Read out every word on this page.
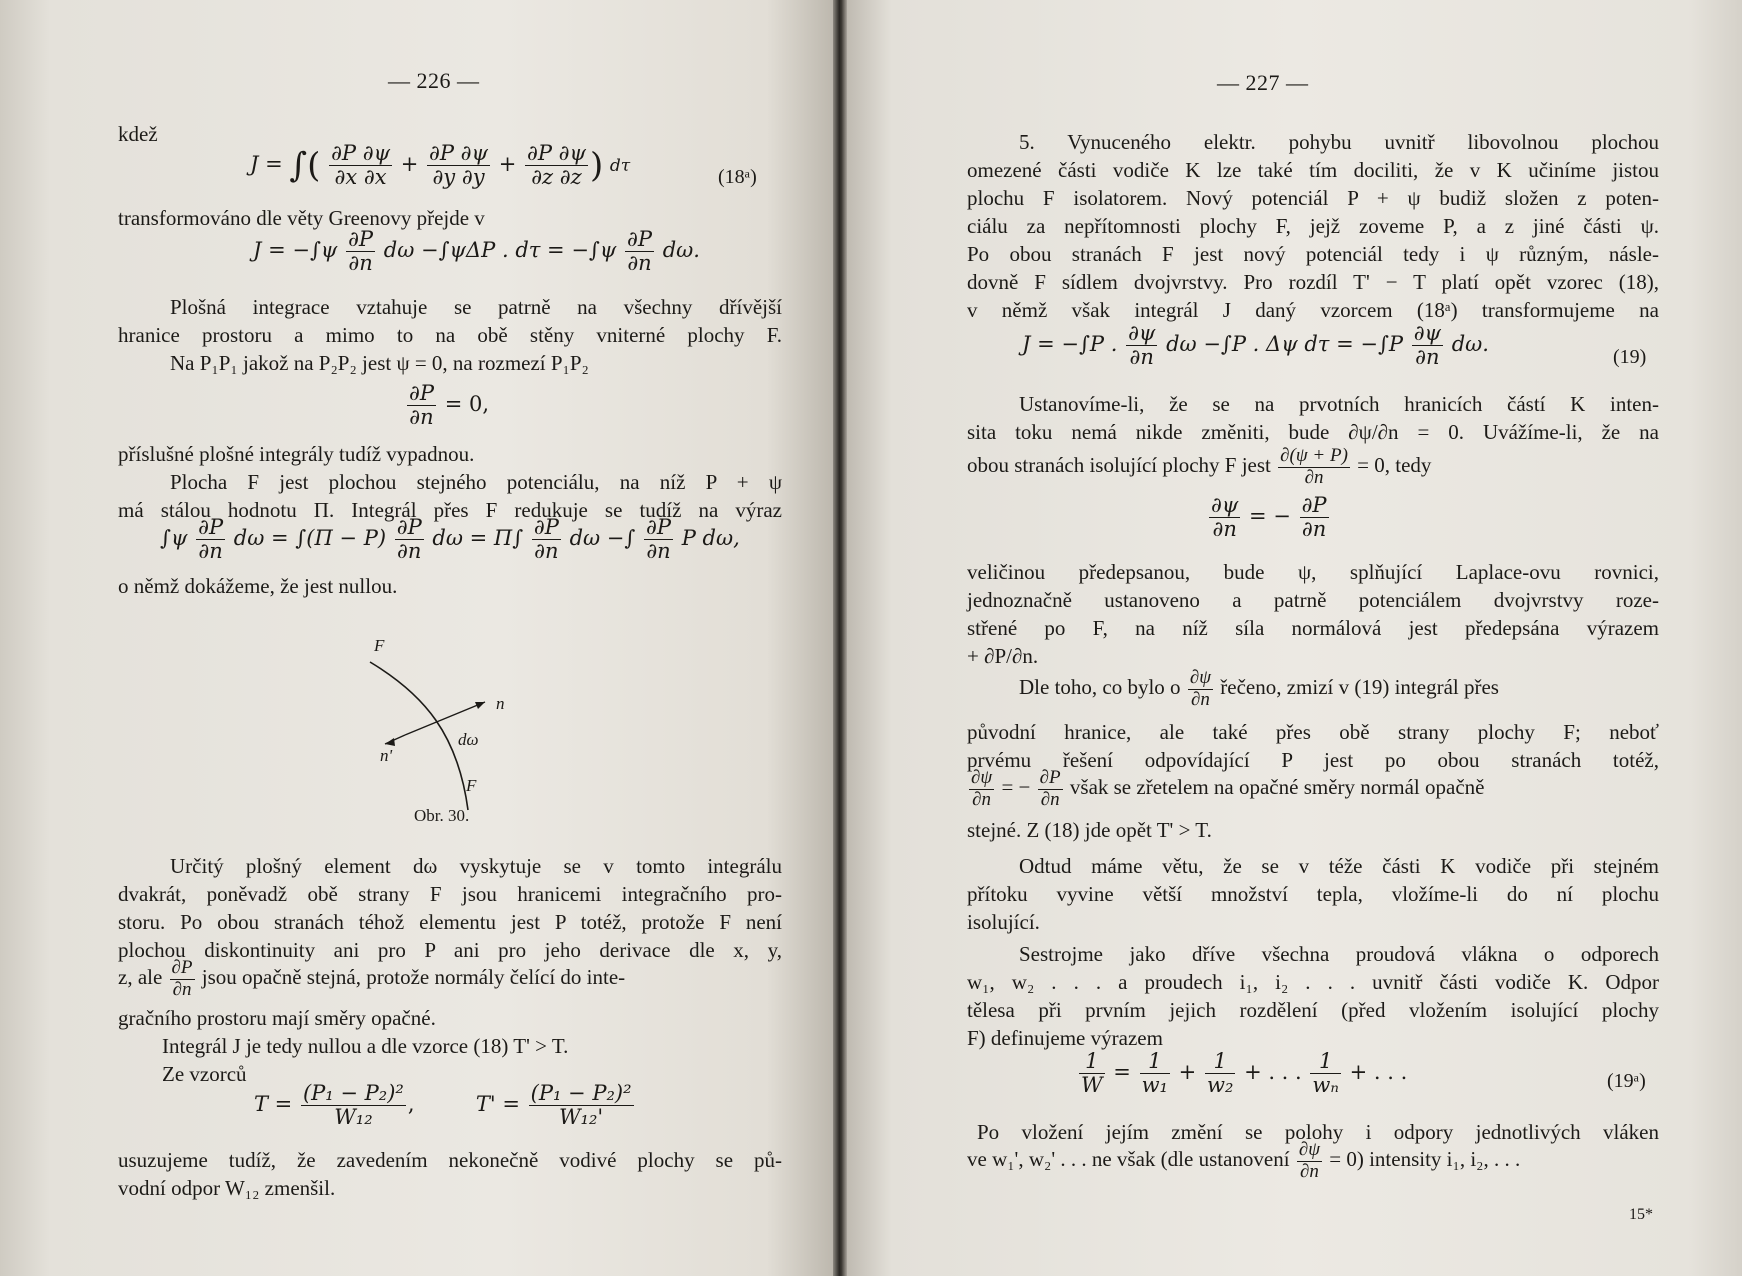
— 226 —
kdež
J = ∫( $\frac{\partial P \partial\psi}{\partial x \partial x} + \frac{\partial P \partial\psi}{\partial y \partial y} + \frac{\partial P \partial\psi}{\partial z \partial z}$ ) dτ	(18ᵃ)
transformováno dle věty Greenovy přejde v
$J = -\int\psi \frac{\partial P}{\partial n}$ dω −∫ψΔP . $d\tau = -\int\psi \frac{\partial P}{\partial n} d\omega$.
Plošná integrace vztahuje se patrně na všechny dřívější
hranice prostoru a mimo to na obě stěny vniterné plochy F.
Na P₁P₁ jakož na P₂P₂ jest ψ = 0, na rozmezí P₁P₂
$\frac{\partial P}{\partial n} = 0$,
příslušné plošné integrály tudíž vypadnou.
Plocha F jest plochou stejného potenciálu, na níž P + ψ
má stálou hodnotu Π. Integrál přes F redukuje se tudíž na výraz
$\int\psi \frac{\partial P}{\partial n}$ $d\omega = \int(\Pi - P) \frac{\partial P}{\partial n}$ $d\omega = \Pi\int \frac{\partial P}{\partial n}$ dω −∫ $\frac{\partial P}{\partial n}$ P dω,
o němž dokážeme, že jest nullou.
F
n
dω
n'
F
Obr. 30.
Určitý plošný element dω vyskytuje se v tomto integrálu
dvakrát, poněvadž obě strany F jsou hranicemi integračního pro-
storu. Po obou stranách téhož elementu jest P totéž, protože F není
plochou diskontinuity ani pro P ani pro jeho derivace dle x, y,
z, ale $\frac{\partial P}{\partial n}$ jsou opačně stejná, protože normály čelící do inte-
gračního prostoru mají směry opačné.
Integrál J je tedy nullou a dle vzorce (18) T' > T.
Ze vzorců
$T = \frac{\text{(P₁ − P₂)²}}{\text{W₁₂}}$ ,	$T' = \frac{\text{(P₁ − P₂)²}}{\text{W₁₂'}}$
usuzujeme tudíž, že zavedením nekonečně vodivé plochy se pů-
vodní odpor W₁₂ zmenšil.
— 227 —
5. Vynuceného elektr. pohybu uvnitř libovolnou plochou
omezené části vodiče K lze také tím dociliti, že v K učiníme jistou
plochu F isolatorem. Nový potenciál P + ψ budiž složen z poten-
ciálu za nepřítomnosti plochy F, jejž zoveme P, a z jiné části ψ.
Po obou stranách F jest nový potenciál tedy i ψ různým, násle-
dovně F sídlem dvojvrstvy. Pro rozdíl T' − T platí opět vzorec (18),
v němž však integrál J daný vzorcem (18ᵃ) transformujeme na
J = −∫P . $\frac{\partial\psi}{\partial n}$ dω −∫P . Δψ $d\tau = -\int P \frac{\partial\psi}{\partial n} d\omega$.
(19)
Ustanovíme-li, že se na prvotních hranicích částí K inten-
sita toku nemá nikde změniti, bude ∂ψ/∂n = 0. Uvážíme-li, že na
obou stranách isolující plochy F jest $\frac{\partial(\psi + P)}{\partial n} = 0$, tedy
$\frac{\partial\psi}{\partial n}$ = − $\frac{\partial P}{\partial n}$
veličinou předepsanou, bude ψ, splňující Laplace-ovu rovnici,
jednoznačně ustanoveno a patrně potenciálem dvojvrstvy roze-
střené po F, na níž síla normálová jest předepsána výrazem
+ ∂P/∂n.
Dle toho, co bylo o $\frac{\partial\psi}{\partial n}$ řečeno, zmizí v (19) integrál přes
původní hranice, ale také přes obě strany plochy F; neboť
prvému řešení odpovídající P jest po obou stranách totéž,
$\frac{\partial\psi}{\partial n}$ = − $\frac{\partial P}{\partial n}$ však se zřetelem na opačné směry normál opačně
stejné. Z (18) jde opět T' > T.
Odtud máme větu, že se v téže části K vodiče při stejném
přítoku vyvine větší množství tepla, vložíme-li do ní plochu
isolující.
Sestrojme jako dříve všechna proudová vlákna o odporech
w₁, w₂ . . . a proudech i₁, i₂ . . . uvnitř části vodiče K. Odpor
tělesa při prvním jejich rozdělení (před vložením isolující plochy
F) definujeme výrazem
$\frac{1}{W} = \frac{1}{\text{w₁}} + \frac{1}{\text{w₂}}$ + . . . $\frac{1}{\text{wₙ}}$ + . . .	(19ᵃ)
Po vložení jejím změní se polohy i odpory jednotlivých vláken
ve w₁', w₂' . . . ne však (dle ustanovení $\frac{\partial\psi}{\partial n} = 0$) intensity i₁, i₂, . . .
15*
